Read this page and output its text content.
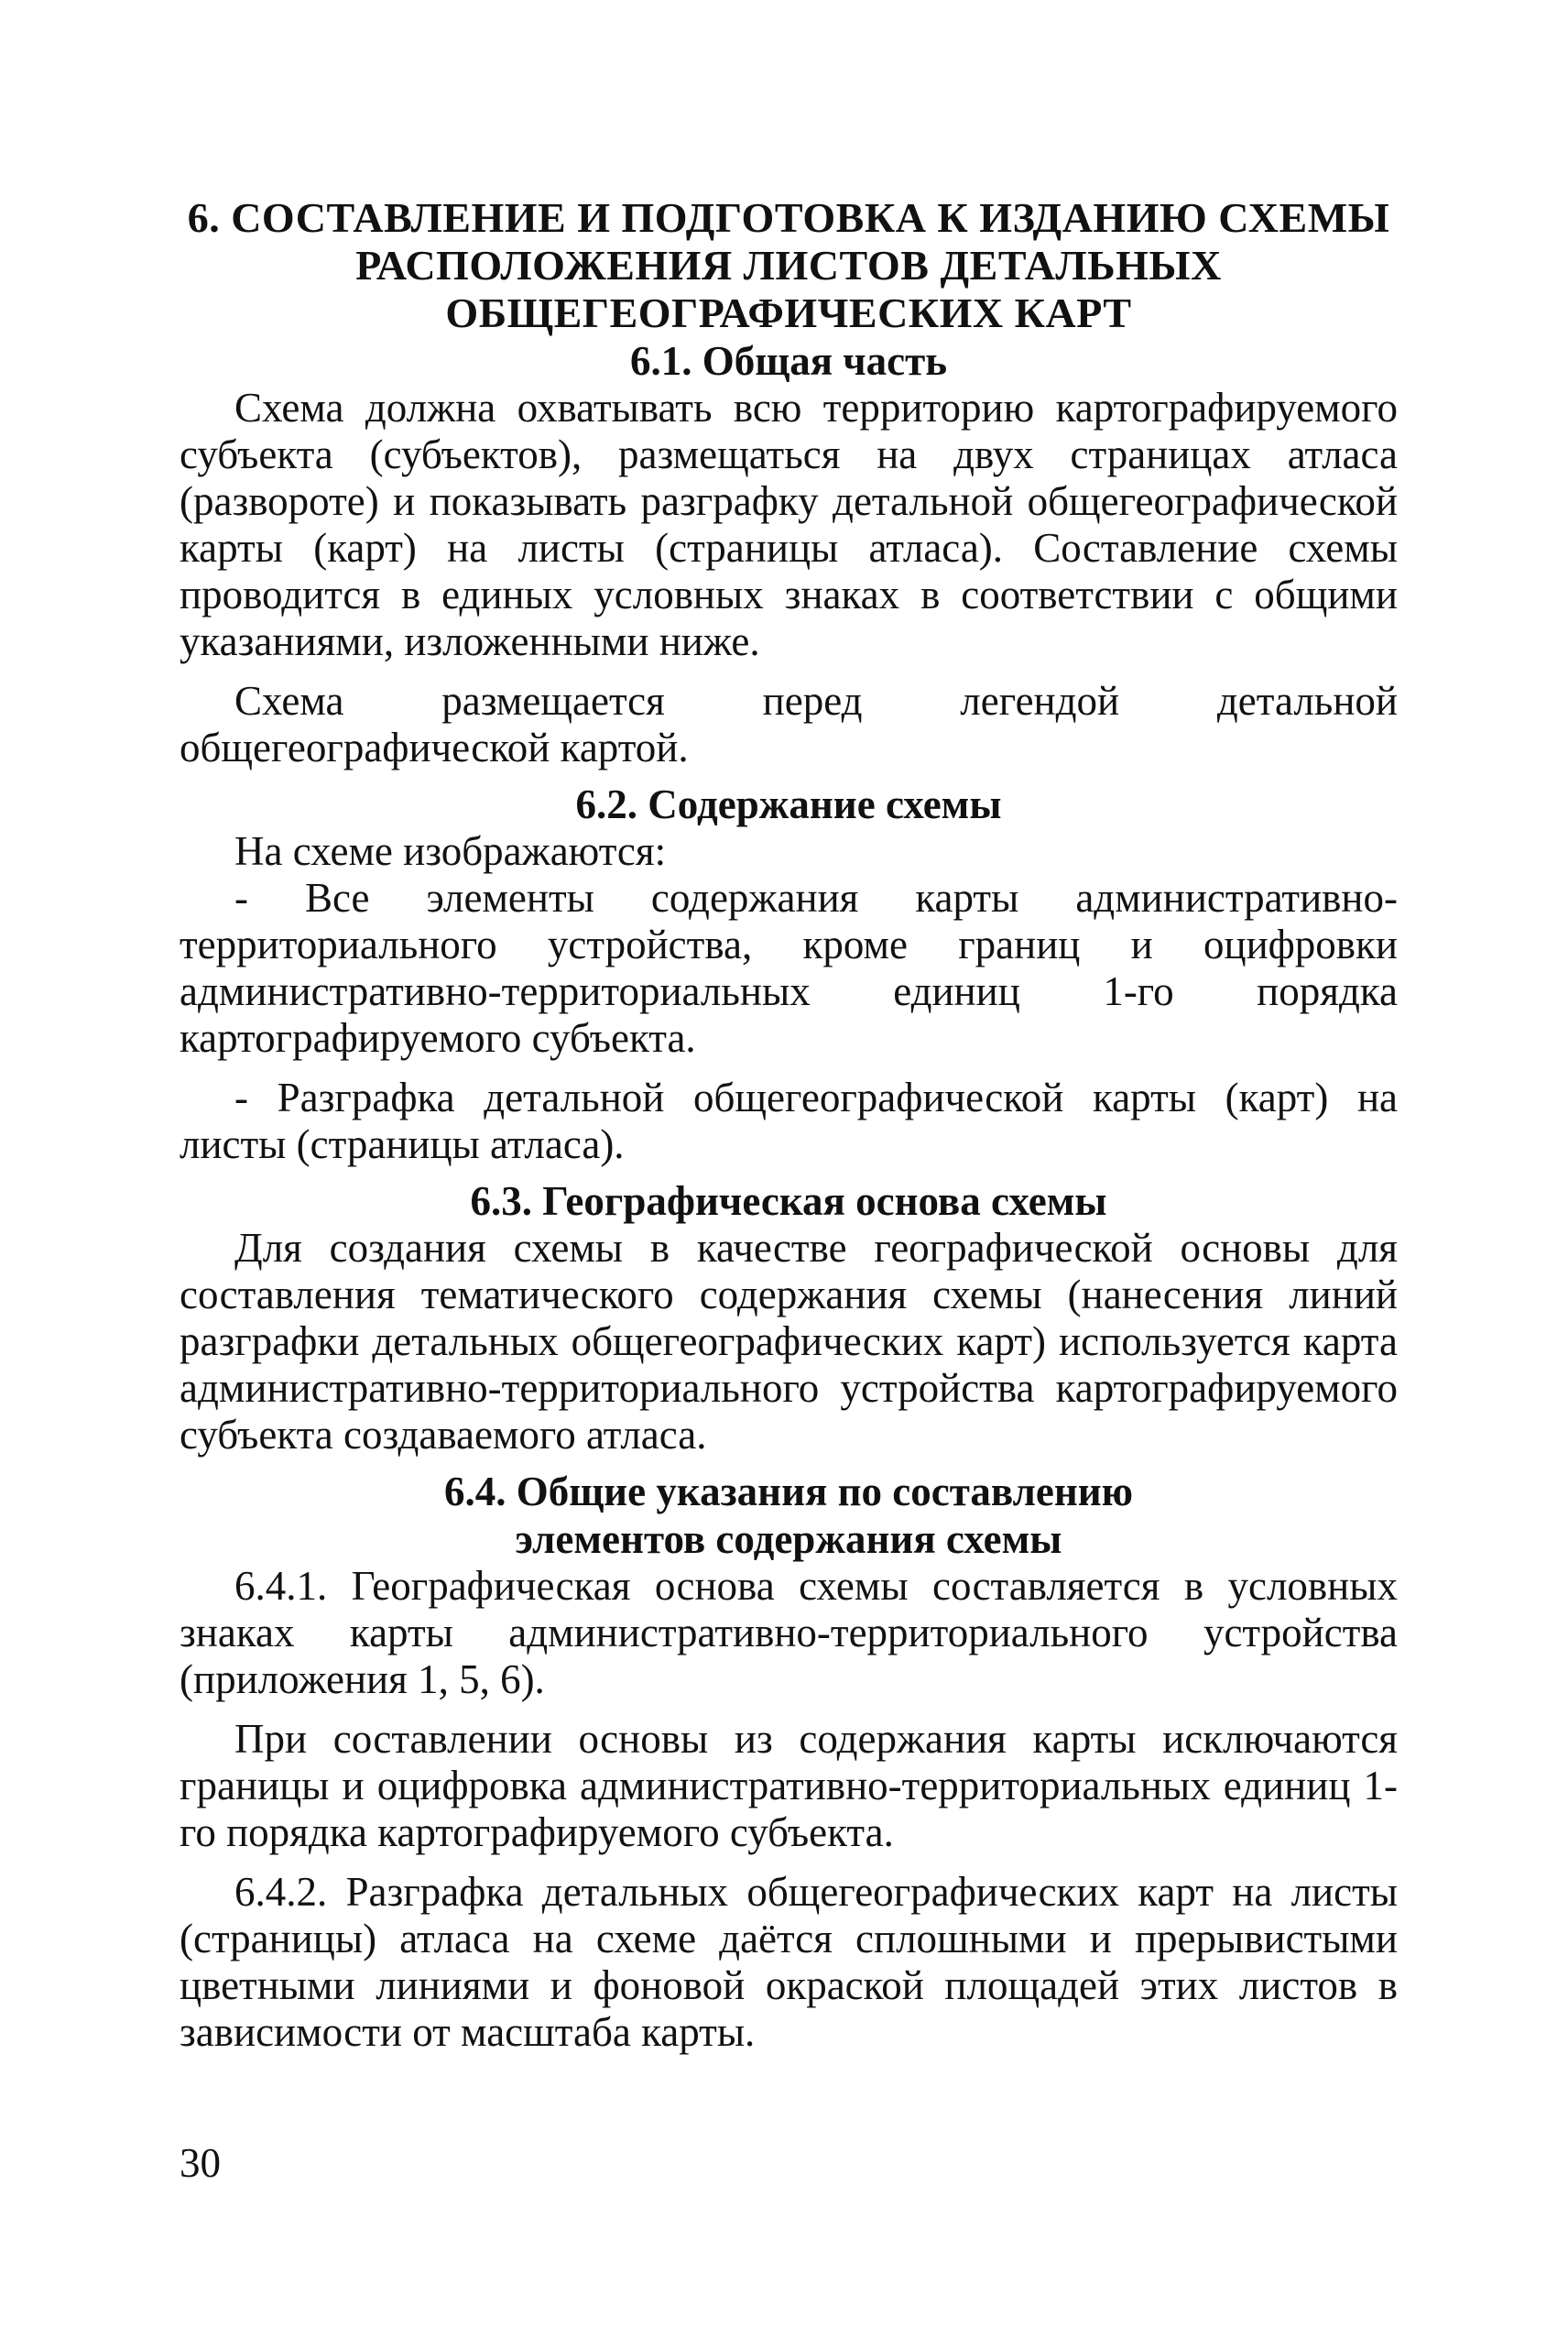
6. СОСТАВЛЕНИЕ И ПОДГОТОВКА К ИЗДАНИЮ СХЕМЫ
РАСПОЛОЖЕНИЯ ЛИСТОВ ДЕТАЛЬНЫХ
ОБЩЕГЕОГРАФИЧЕСКИХ КАРТ
6.1. Общая часть

Схема должна охватывать всю территорию картографируемого субъекта (субъектов), размещаться на двух страницах атласа (развороте) и показывать разграфку детальной общегеографической карты (карт) на листы (страницы атласа). Составление схемы проводится в единых условных знаках в соответствии с общими указаниями, изложенными ниже.

Схема размещается перед легендой детальной общегеографической картой.

6.2. Содержание схемы

На схеме изображаются:

- Все элементы содержания карты административно-территориального устройства, кроме границ и оцифровки административно-территориальных единиц 1-го порядка картографируемого субъекта.

- Разграфка детальной общегеографической карты (карт) на листы (страницы атласа).

6.3. Географическая основа схемы

Для создания схемы в качестве географической основы для составления тематического содержания схемы (нанесения линий разграфки детальных общегеографических карт) используется карта административно-территориального устройства картографируемого субъекта создаваемого атласа.

6.4. Общие указания по составлению
элементов содержания схемы

6.4.1. Географическая основа схемы составляется в условных знаках карты административно-территориального устройства (приложения 1, 5, 6).

При составлении основы из содержания карты исключаются границы и оцифровка административно-территориальных единиц 1-го порядка картографируемого субъекта.

6.4.2. Разграфка детальных общегеографических карт на листы (страницы) атласа на схеме даётся сплошными и прерывистыми цветными линиями и фоновой окраской площадей этих листов в зависимости от масштаба карты.

30
